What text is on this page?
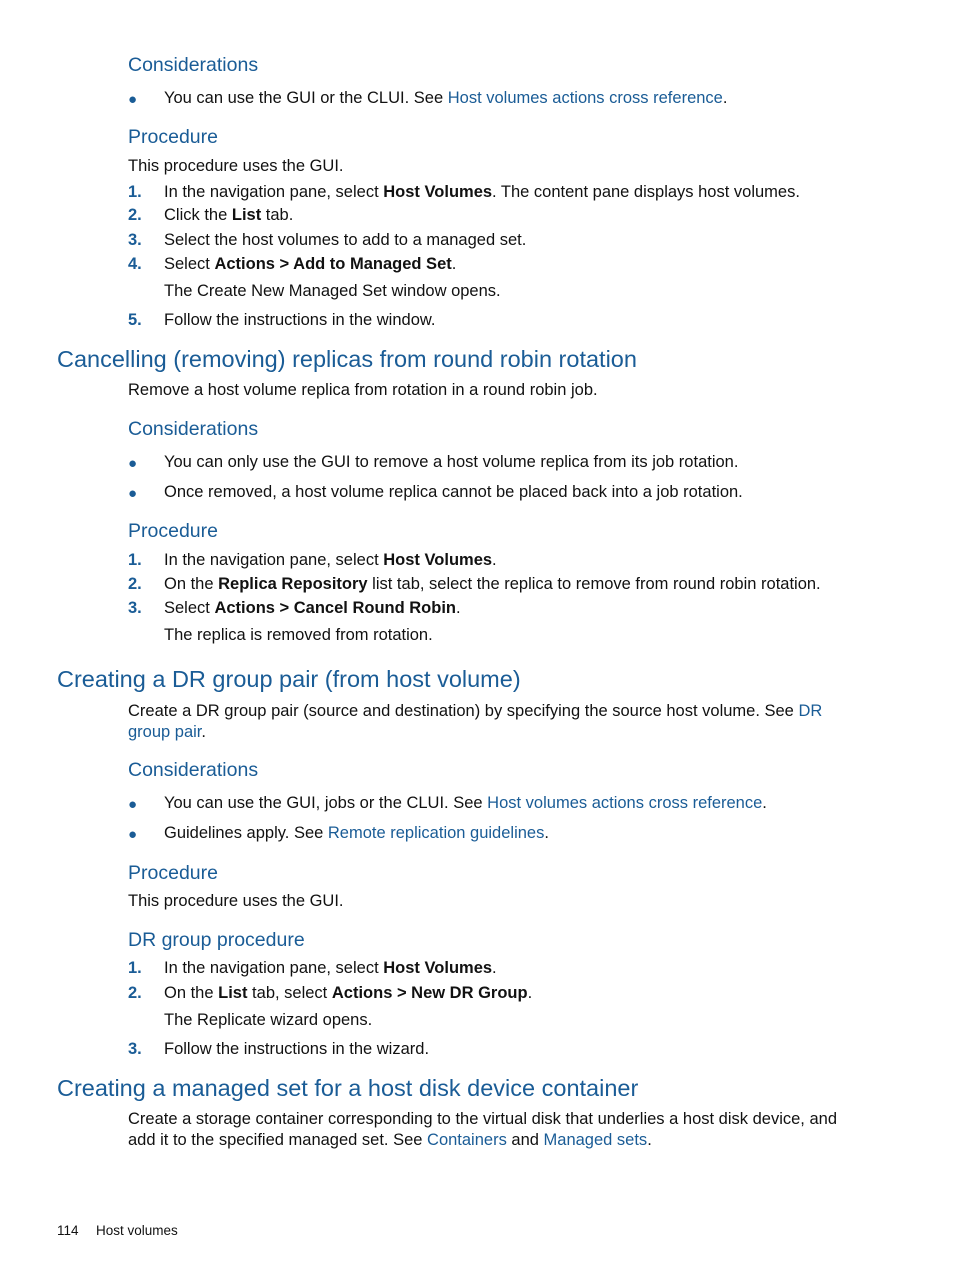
Considerations
● You can use the GUI or the CLUI. See Host volumes actions cross reference.
Procedure
This procedure uses the GUI.
1. In the navigation pane, select Host Volumes. The content pane displays host volumes.
2. Click the List tab.
3. Select the host volumes to add to a managed set.
4. Select Actions > Add to Managed Set.
The Create New Managed Set window opens.
5. Follow the instructions in the window.
Cancelling (removing) replicas from round robin rotation
Remove a host volume replica from rotation in a round robin job.
Considerations
● You can only use the GUI to remove a host volume replica from its job rotation.
● Once removed, a host volume replica cannot be placed back into a job rotation.
Procedure
1. In the navigation pane, select Host Volumes.
2. On the Replica Repository list tab, select the replica to remove from round robin rotation.
3. Select Actions > Cancel Round Robin.
The replica is removed from rotation.
Creating a DR group pair (from host volume)
Create a DR group pair (source and destination) by specifying the source host volume. See DR
group pair.
Considerations
● You can use the GUI, jobs or the CLUI. See Host volumes actions cross reference.
● Guidelines apply. See Remote replication guidelines.
Procedure
This procedure uses the GUI.
DR group procedure
1. In the navigation pane, select Host Volumes.
2. On the List tab, select Actions > New DR Group.
The Replicate wizard opens.
3. Follow the instructions in the wizard.
Creating a managed set for a host disk device container
Create a storage container corresponding to the virtual disk that underlies a host disk device, and
add it to the specified managed set. See Containers and Managed sets.
114 Host volumes
